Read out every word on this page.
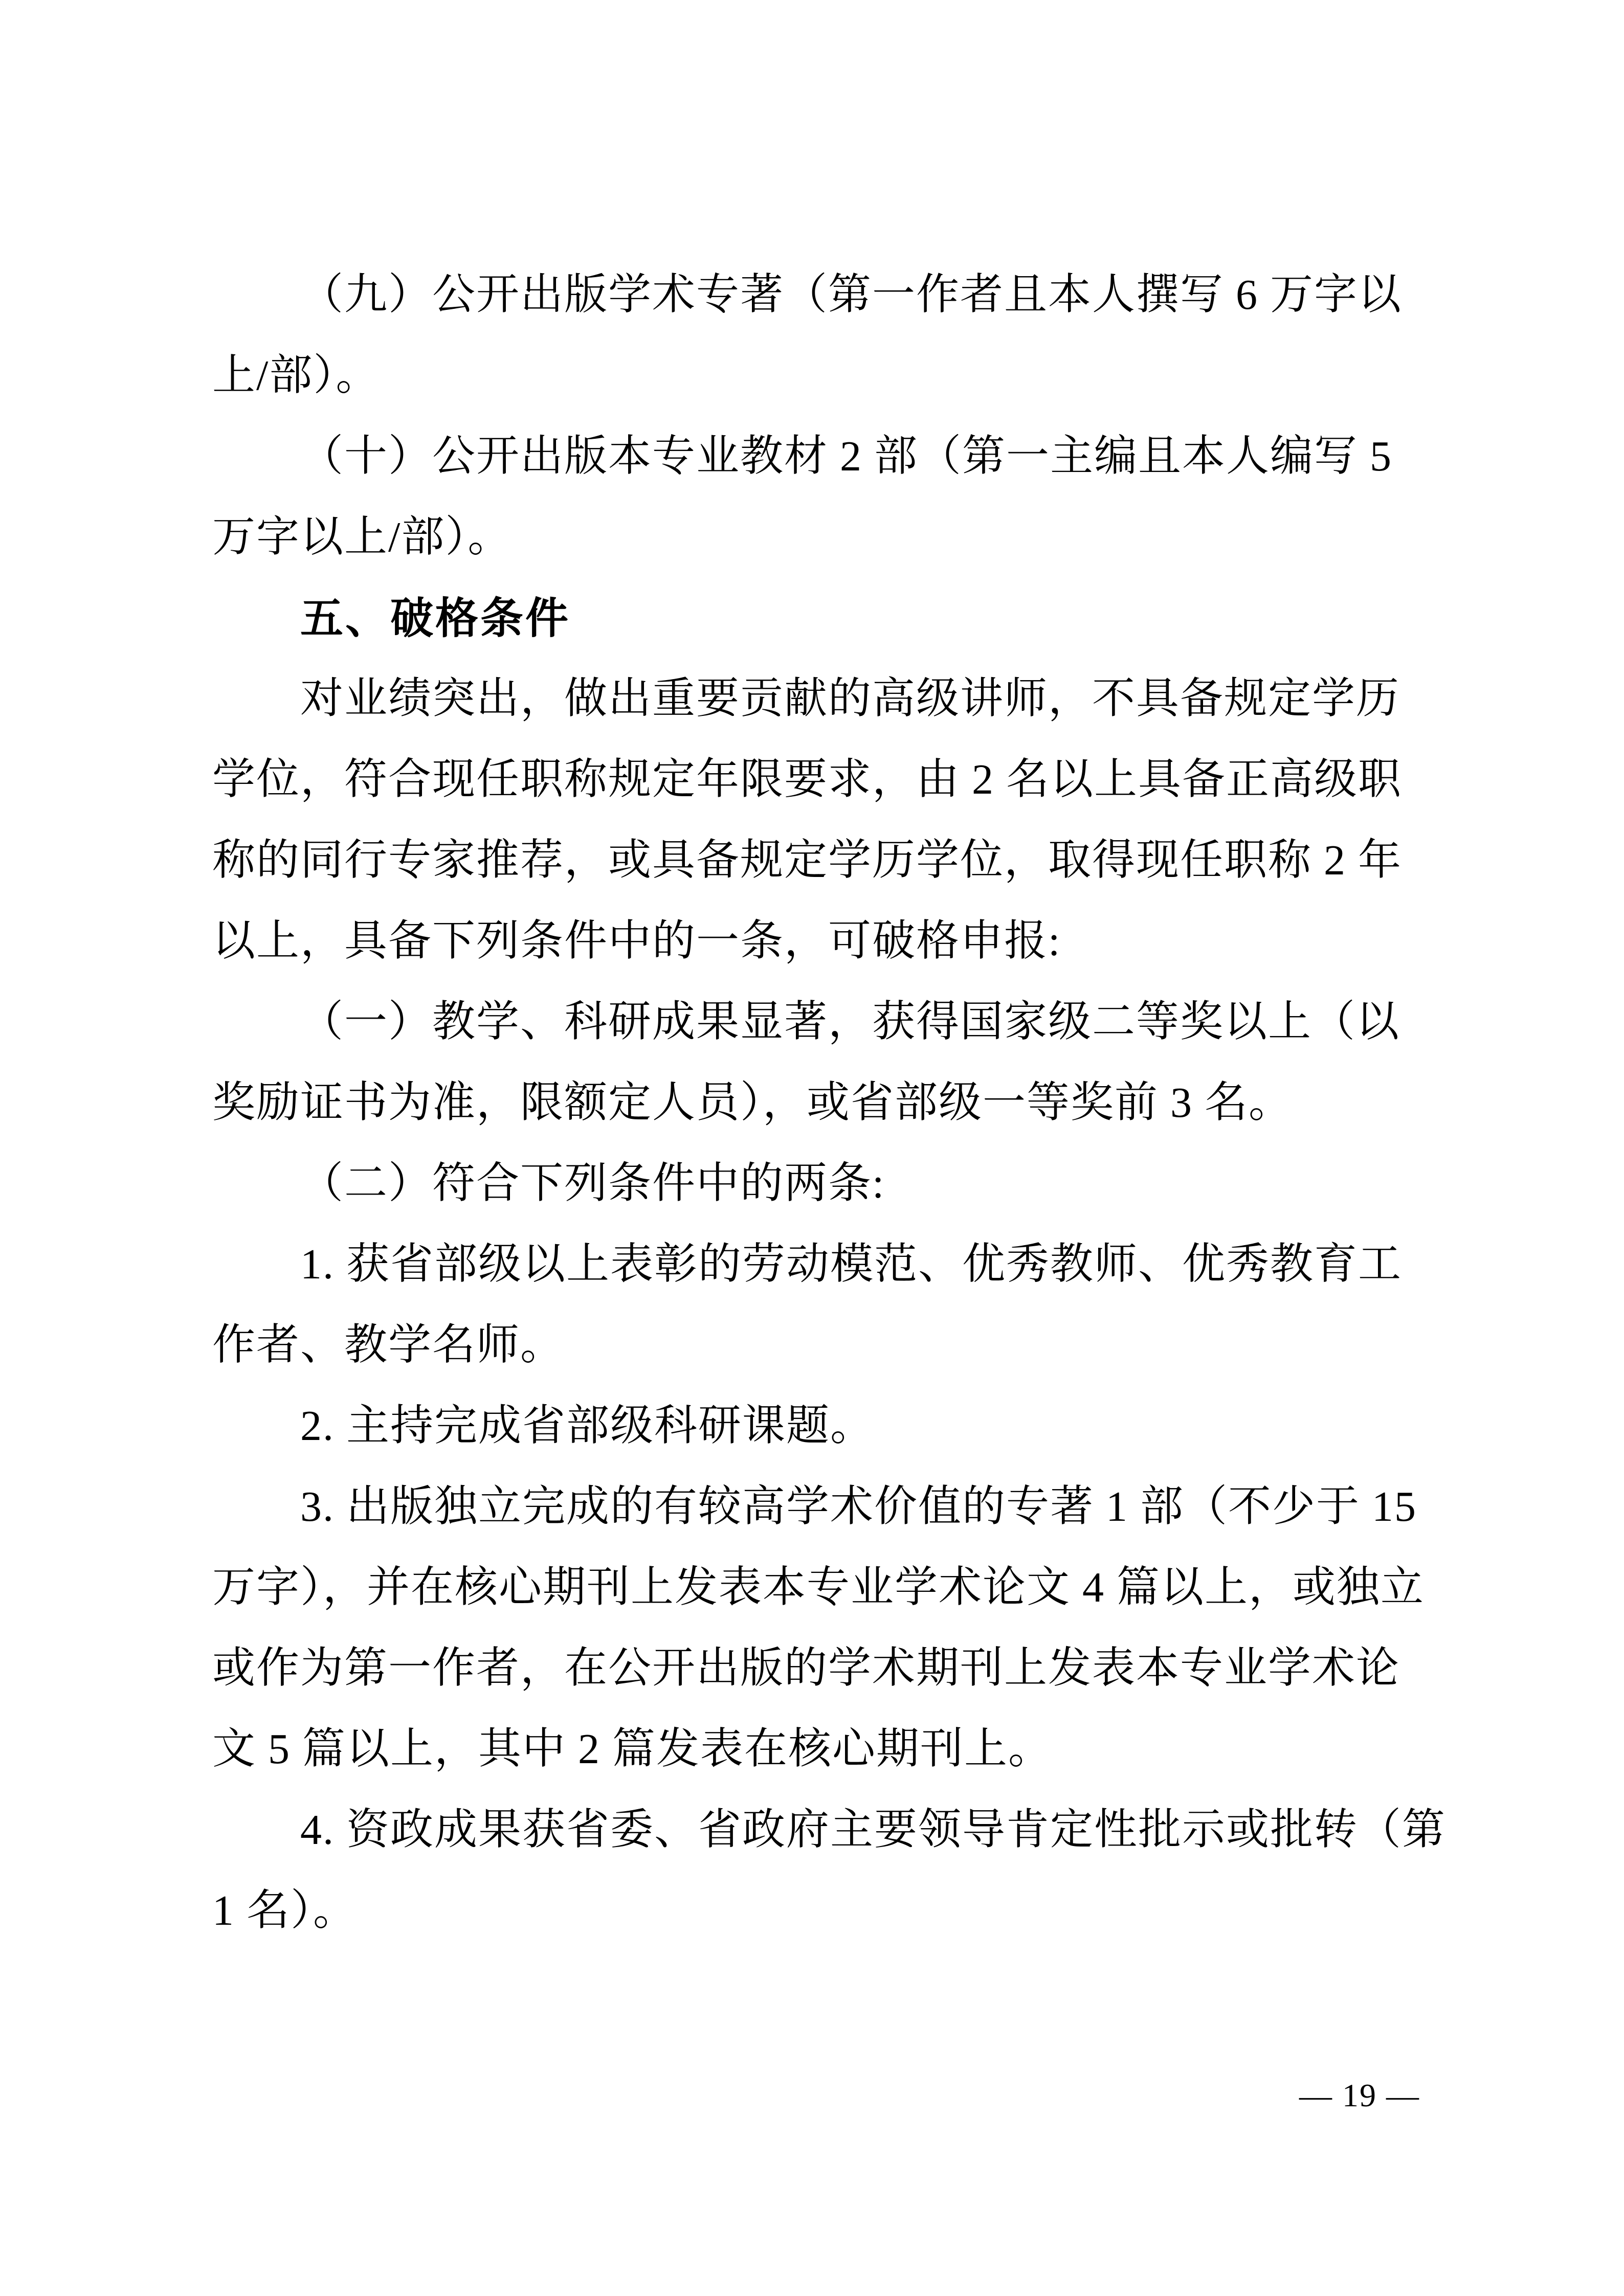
（九）公开出版学术专著（第一作者且本人撰写 6 万字以
上/部）。
（十）公开出版本专业教材 2 部（第一主编且本人编写 5
万字以上/部）。
五、破格条件
对业绩突出，做出重要贡献的高级讲师，不具备规定学历
学位，符合现任职称规定年限要求，由 2 名以上具备正高级职
称的同行专家推荐，或具备规定学历学位，取得现任职称 2 年
以上，具备下列条件中的一条，可破格申报:
（一）教学、科研成果显著，获得国家级二等奖以上（以
奖励证书为准，限额定人员），或省部级一等奖前 3 名。
（二）符合下列条件中的两条:
1. 获省部级以上表彰的劳动模范、优秀教师、优秀教育工
作者、教学名师。
2. 主持完成省部级科研课题。
3. 出版独立完成的有较高学术价值的专著 1 部（不少于 15
万字），并在核心期刊上发表本专业学术论文 4 篇以上，或独立
或作为第一作者，在公开出版的学术期刊上发表本专业学术论
文 5 篇以上，其中 2 篇发表在核心期刊上。
4. 资政成果获省委、省政府主要领导肯定性批示或批转（第
1 名）。
— 19 —
